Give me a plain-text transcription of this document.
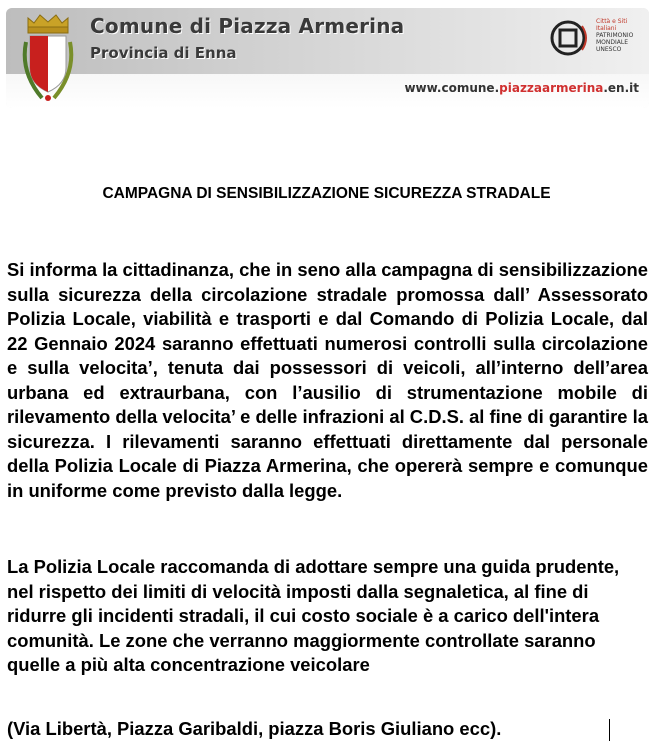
Comune di Piazza Armerina
Provincia di Enna
Città e Siti Italiani
PATRIMONIO
MONDIALE
UNESCO
www.comune.piazzaarmerina.en.it
CAMPAGNA DI SENSIBILIZZAZIONE SICUREZZA STRADALE

Si informa la cittadinanza, che in seno alla campagna di sensibilizzazione sulla sicurezza della circolazione stradale promossa dall’ Assessorato Polizia Locale, viabilità e trasporti e dal Comando di Polizia Locale, dal 22 Gennaio 2024 saranno effettuati numerosi controlli sulla circolazione e sulla velocita’, tenuta dai possessori di veicoli, all’interno dell’area urbana ed extraurbana, con l’ausilio di strumentazione mobile di rilevamento della velocita’ e delle infrazioni al C.D.S. al fine di garantire la sicurezza. I rilevamenti saranno effettuati direttamente dal personale della Polizia Locale di Piazza Armerina, che opererà sempre e comunque in uniforme come previsto dalla legge.

La Polizia Locale raccomanda di adottare sempre una guida prudente, nel rispetto dei limiti di velocità imposti dalla segnaletica, al fine di ridurre gli incidenti stradali, il cui costo sociale è a carico dell'intera comunità. Le zone che verranno maggiormente controllate saranno quelle a più alta concentrazione veicolare

(Via Libertà, Piazza Garibaldi, piazza Boris Giuliano ecc).
